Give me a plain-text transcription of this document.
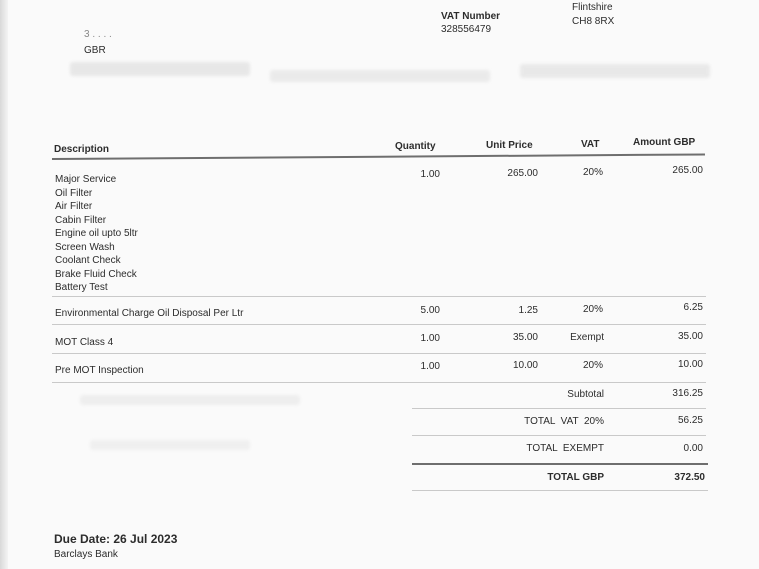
3 . . . .
GBR
VAT Number
328556479
Flintshire
CH8 8RX
Description	Quantity	Unit Price	VAT	Amount GBP
Major Service
Oil Filter
Air Filter
Cabin Filter
Engine oil upto 5ltr
Screen Wash
Coolant Check
Brake Fluid Check
Battery Test
1.00	265.00	20%	265.00
Environmental Charge Oil Disposal Per Ltr	5.00	1.25	20%	6.25
MOT Class 4	1.00	35.00	Exempt	35.00
Pre MOT Inspection	1.00	10.00	20%	10.00
Subtotal	316.25
TOTAL  VAT  20%	56.25
TOTAL  EXEMPT	0.00
TOTAL GBP	372.50
Due Date: 26 Jul 2023
Barclays Bank
